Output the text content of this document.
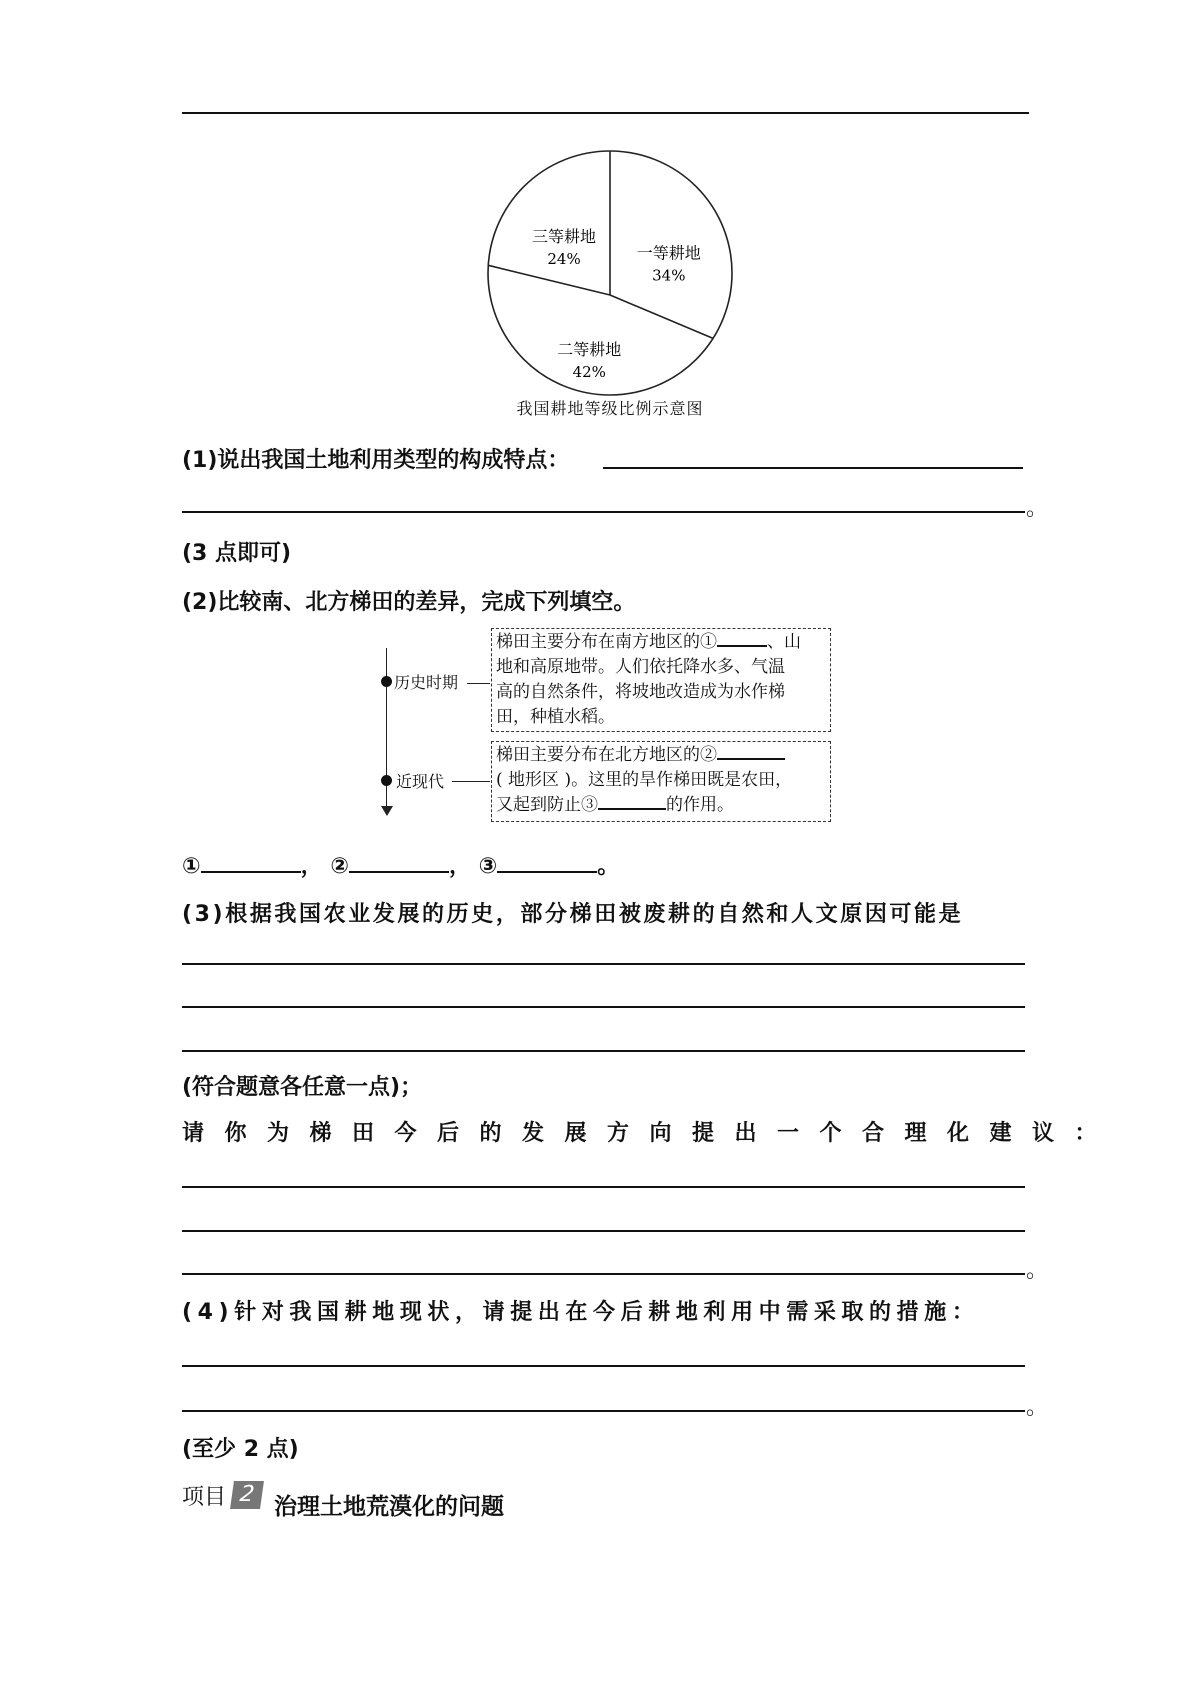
一等耕地
34%
二等耕地
42%
三等耕地
24%
我国耕地等级比例示意图
(1)说出我国土地利用类型的构成特点：
。
(3 点即可)
(2)比较南、北方梯田的差异，完成下列填空。
历史时期
近现代
梯田主要分布在南方地区的①	、山
地和高原地带。人们依托降水多、气温
高的自然条件，将坡地改造成为水作梯
田，种植水稻。
梯田主要分布在北方地区的②
( 地形区 )。这里的旱作梯田既是农田，
又起到防止③	的作用。
①	， ②	， ③	。
(3)根据我国农业发展的历史，部分梯田被废耕的自然和人文原因可能是
(符合题意各任意一点)；
请你为梯田今后的发展方向提出一个合理化建议：
。
(4)针对我国耕地现状，请提出在今后耕地利用中需采取的措施：
。
(至少 2 点)
项目 2 治理土地荒漠化的问题
